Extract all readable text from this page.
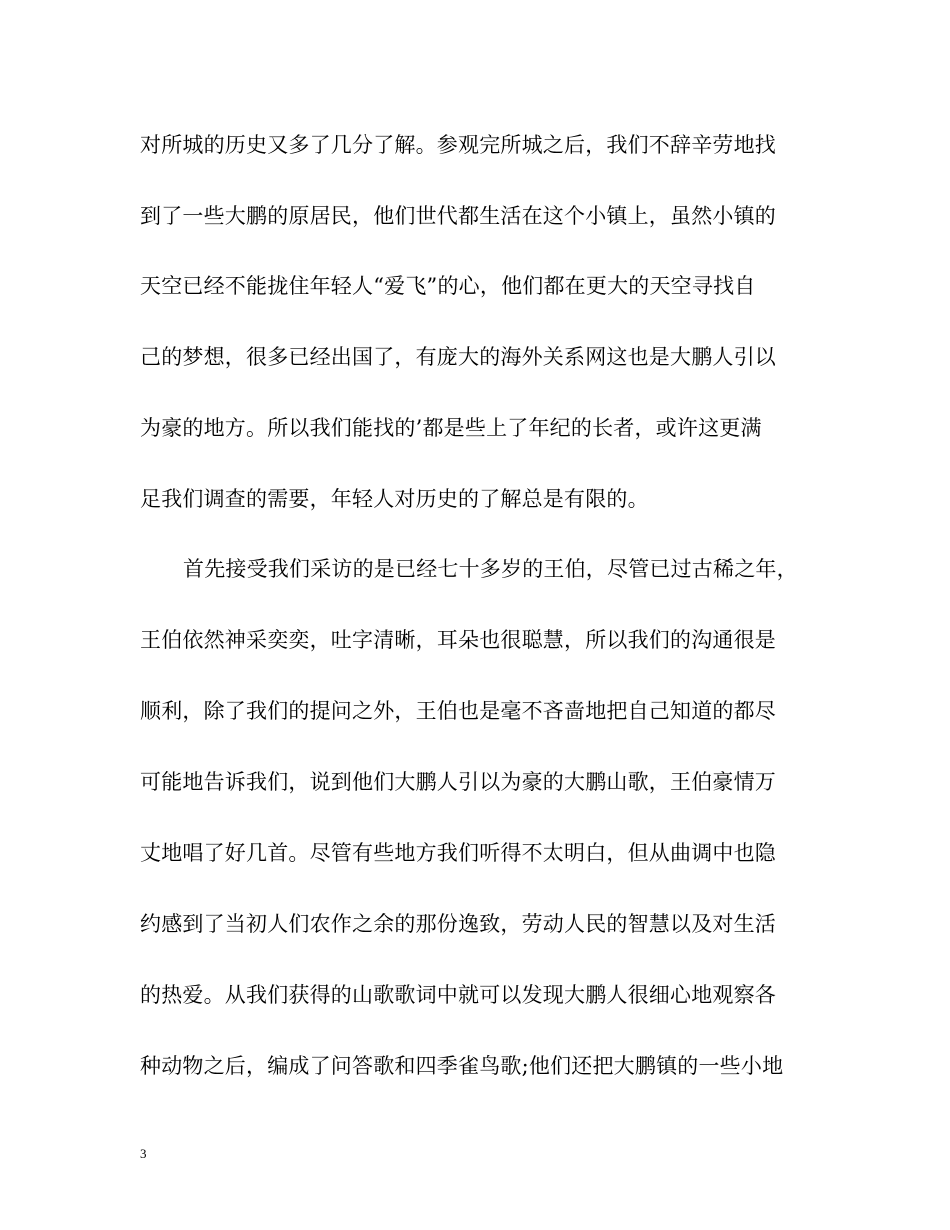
对所城的历史又多了几分了解。参观完所城之后，我们不辞辛劳地找
到了一些大鹏的原居民，他们世代都生活在这个小镇上，虽然小镇的
天空已经不能拢住年轻人“爱飞”的心，他们都在更大的天空寻找自
己的梦想，很多已经出国了，有庞大的海外关系网这也是大鹏人引以
为豪的地方。所以我们能找的’都是些上了年纪的长者，或许这更满
足我们调查的需要，年轻人对历史的了解总是有限的。
首先接受我们采访的是已经七十多岁的王伯，尽管已过古稀之年，
王伯依然神采奕奕，吐字清晰，耳朵也很聪慧，所以我们的沟通很是
顺利，除了我们的提问之外，王伯也是毫不吝啬地把自己知道的都尽
可能地告诉我们，说到他们大鹏人引以为豪的大鹏山歌，王伯豪情万
丈地唱了好几首。尽管有些地方我们听得不太明白，但从曲调中也隐
约感到了当初人们农作之余的那份逸致，劳动人民的智慧以及对生活
的热爱。从我们获得的山歌歌词中就可以发现大鹏人很细心地观察各
种动物之后，编成了问答歌和四季雀鸟歌;他们还把大鹏镇的一些小地
3
